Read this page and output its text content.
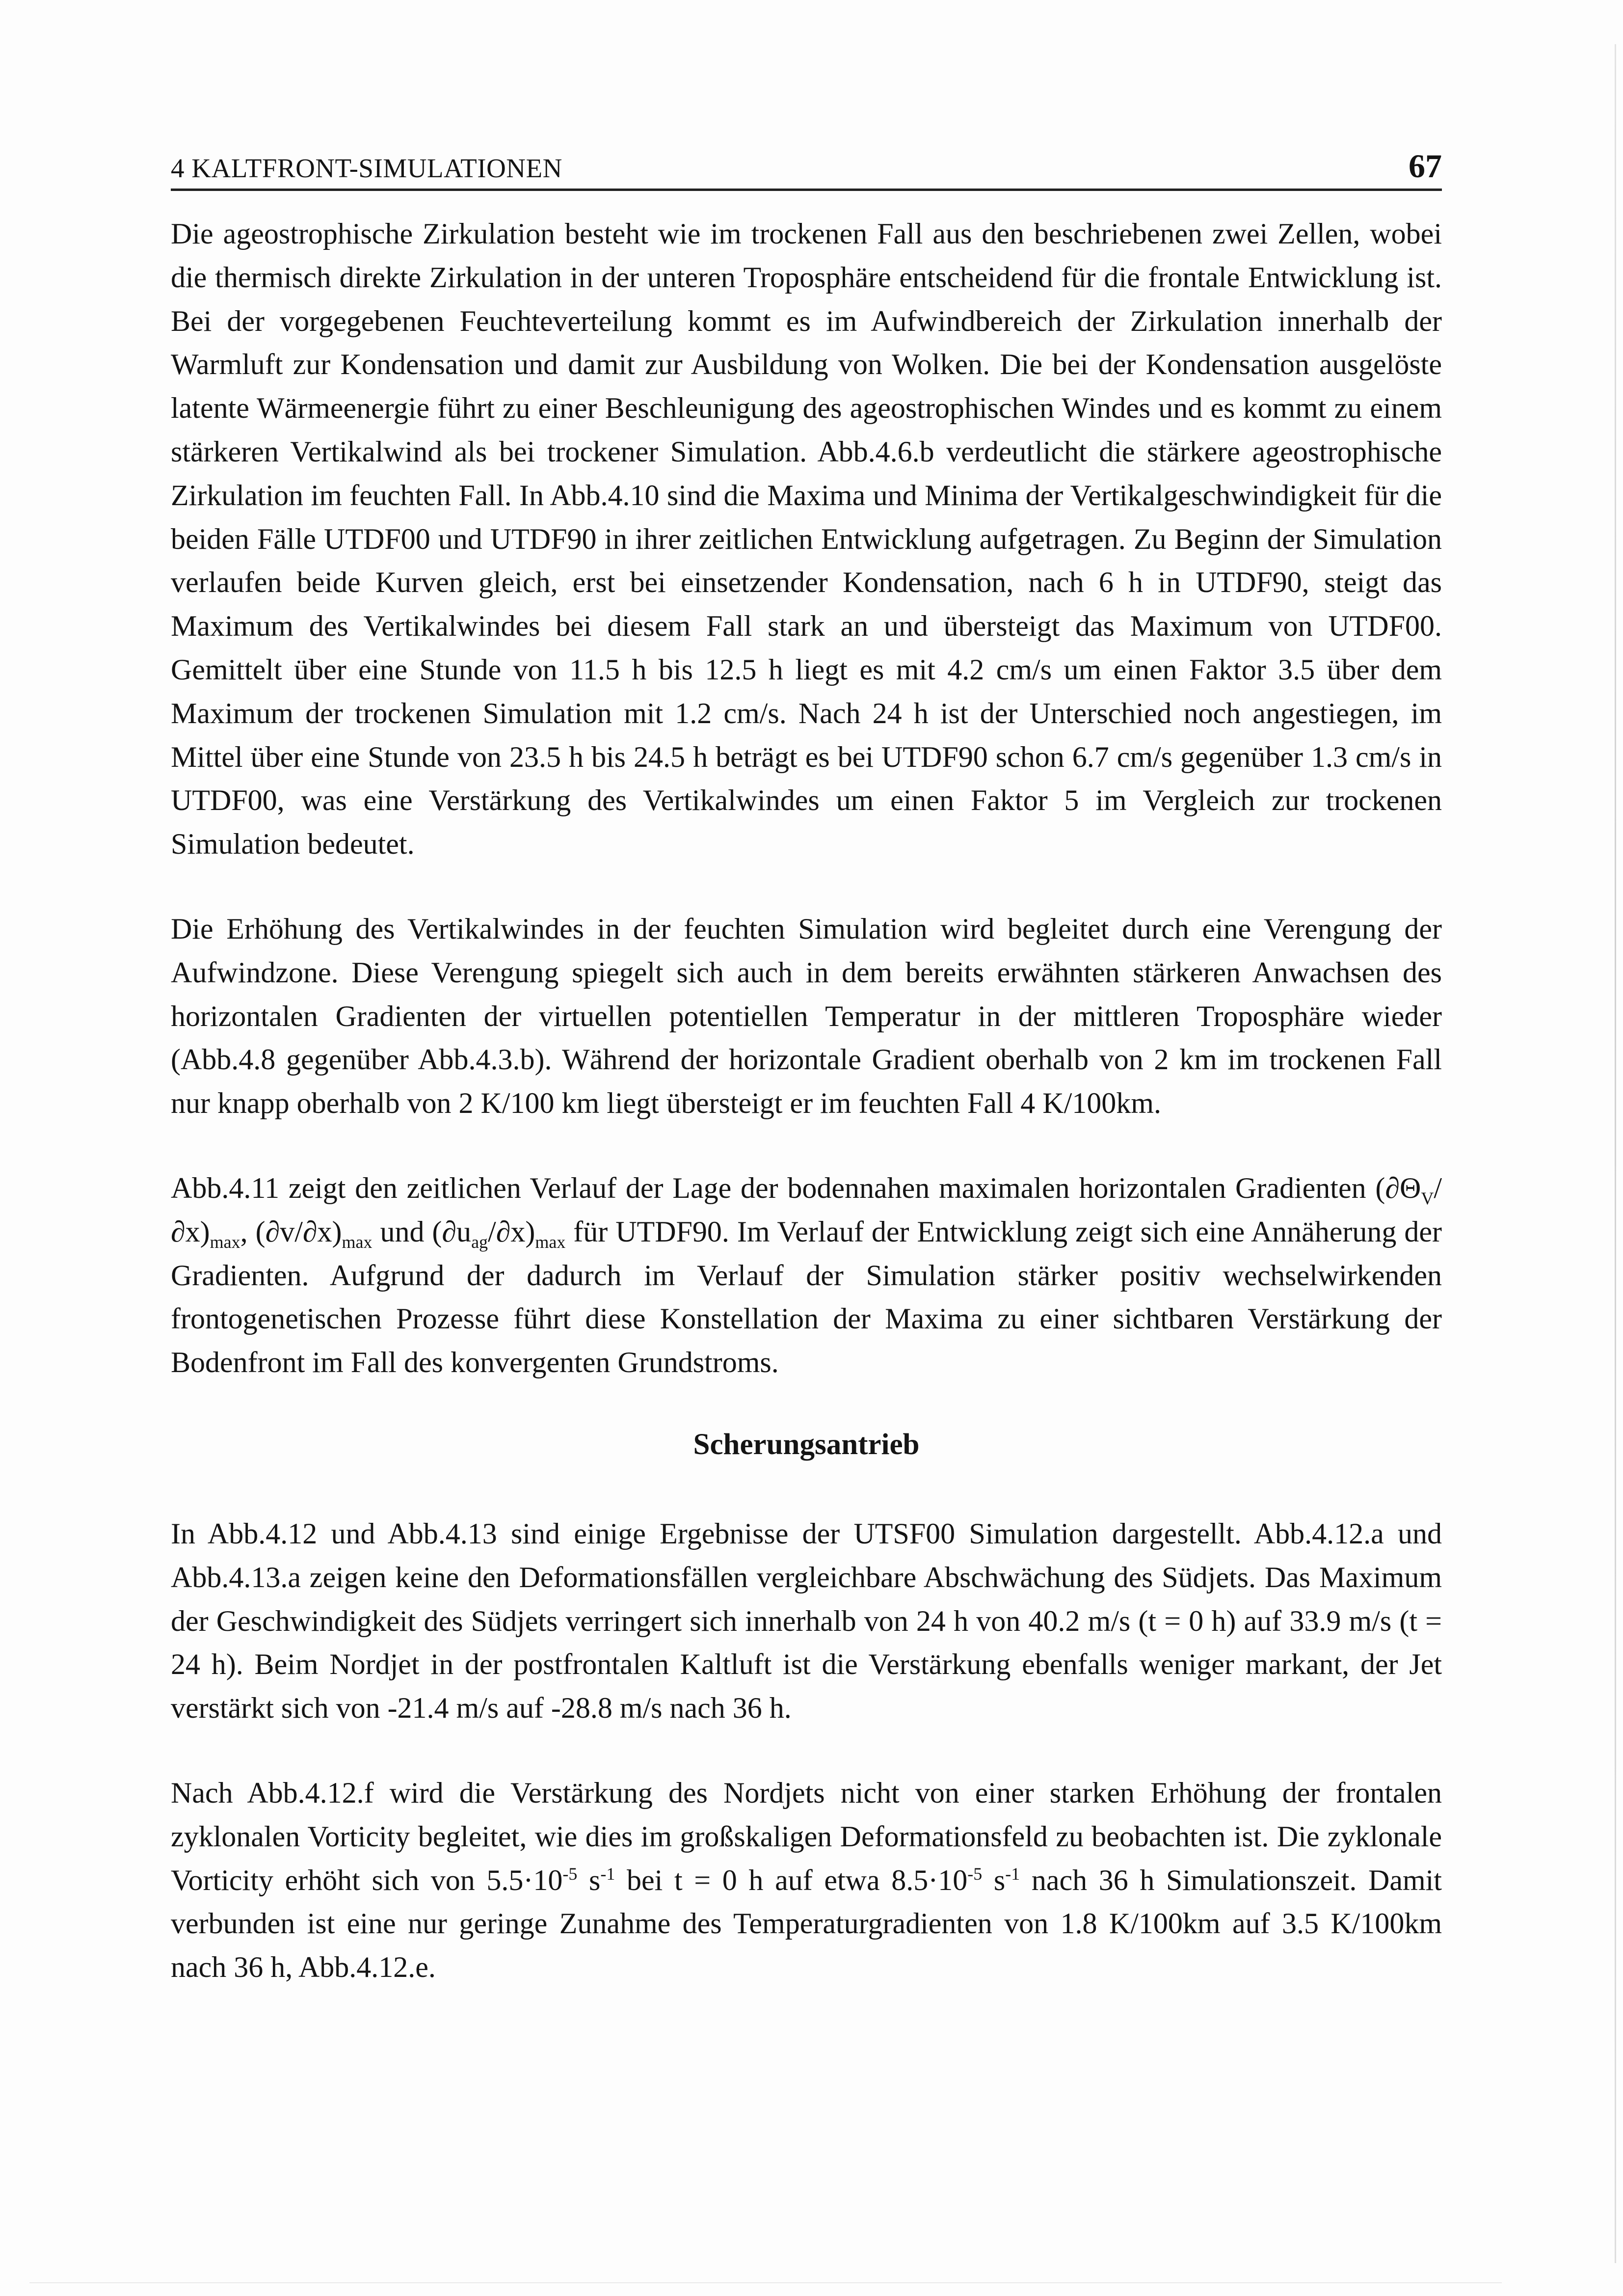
4 KALTFRONT-SIMULATIONEN	67

Die ageostrophische Zirkulation besteht wie im trockenen Fall aus den beschriebenen zwei Zellen, wobei die thermisch direkte Zirkulation in der unteren Troposphäre entscheidend für die frontale Entwicklung ist. Bei der vorgegebenen Feuchteverteilung kommt es im Aufwindbereich der Zirkulation innerhalb der Warmluft zur Kondensation und damit zur Ausbildung von Wolken. Die bei der Kondensation ausgelöste latente Wärmeenergie führt zu einer Beschleunigung des ageostrophischen Windes und es kommt zu einem stärkeren Vertikalwind als bei trockener Simulation. Abb.4.6.b verdeutlicht die stärkere ageostrophische Zirkulation im feuchten Fall. In Abb.4.10 sind die Maxima und Minima der Vertikalgeschwindigkeit für die beiden Fälle UTDF00 und UTDF90 in ihrer zeitlichen Entwicklung aufgetragen. Zu Beginn der Simulation verlaufen beide Kurven gleich, erst bei einsetzender Kondensation, nach 6 h in UTDF90, steigt das Maximum des Vertikalwindes bei diesem Fall stark an und übersteigt das Maximum von UTDF00. Gemittelt über eine Stunde von 11.5 h bis 12.5 h liegt es mit 4.2 cm/s um einen Faktor 3.5 über dem Maximum der trockenen Simulation mit 1.2 cm/s. Nach 24 h ist der Unterschied noch angestiegen, im Mittel über eine Stunde von 23.5 h bis 24.5 h beträgt es bei UTDF90 schon 6.7 cm/s gegenüber 1.3 cm/s in UTDF00, was eine Verstärkung des Vertikalwindes um einen Faktor 5 im Vergleich zur trockenen Simulation bedeutet.

Die Erhöhung des Vertikalwindes in der feuchten Simulation wird begleitet durch eine Verengung der Aufwindzone. Diese Verengung spiegelt sich auch in dem bereits erwähnten stärkeren Anwachsen des horizontalen Gradienten der virtuellen potentiellen Temperatur in der mittleren Troposphäre wieder (Abb.4.8 gegenüber Abb.4.3.b). Während der horizontale Gradient oberhalb von 2 km im trockenen Fall nur knapp oberhalb von 2 K/100 km liegt übersteigt er im feuchten Fall 4 K/100km.

Abb.4.11 zeigt den zeitlichen Verlauf der Lage der bodennahen maximalen horizontalen Gradienten $(\partial\Theta_V/\partial x)_{max}$, $(\partial v/\partial x)_{max}$ und $(\partial u_{ag}/\partial x)_{max}$ für UTDF90. Im Verlauf der Entwicklung zeigt sich eine Annäherung der Gradienten. Aufgrund der dadurch im Verlauf der Simulation stärker positiv wechselwirkenden frontogenetischen Prozesse führt diese Konstellation der Maxima zu einer sichtbaren Verstärkung der Bodenfront im Fall des konvergenten Grundstroms.

Scherungsantrieb

In Abb.4.12 und Abb.4.13 sind einige Ergebnisse der UTSF00 Simulation dargestellt. Abb.4.12.a und Abb.4.13.a zeigen keine den Deformationsfällen vergleichbare Abschwächung des Südjets. Das Maximum der Geschwindigkeit des Südjets verringert sich innerhalb von 24 h von 40.2 m/s (t = 0 h) auf 33.9 m/s (t = 24 h). Beim Nordjet in der postfrontalen Kaltluft ist die Verstärkung ebenfalls weniger markant, der Jet verstärkt sich von -21.4 m/s auf -28.8 m/s nach 36 h.

Nach Abb.4.12.f wird die Verstärkung des Nordjets nicht von einer starken Erhöhung der frontalen zyklonalen Vorticity begleitet, wie dies im großskaligen Deformationsfeld zu beobachten ist. Die zyklonale Vorticity erhöht sich von $5.5\cdot 10^{-5}$ $s^{-1}$ bei t = 0 h auf etwa $8.5\cdot 10^{-5}$ $s^{-1}$ nach 36 h Simulationszeit. Damit verbunden ist eine nur geringe Zunahme des Temperaturgradienten von 1.8 K/100km auf 3.5 K/100km nach 36 h, Abb.4.12.e.
